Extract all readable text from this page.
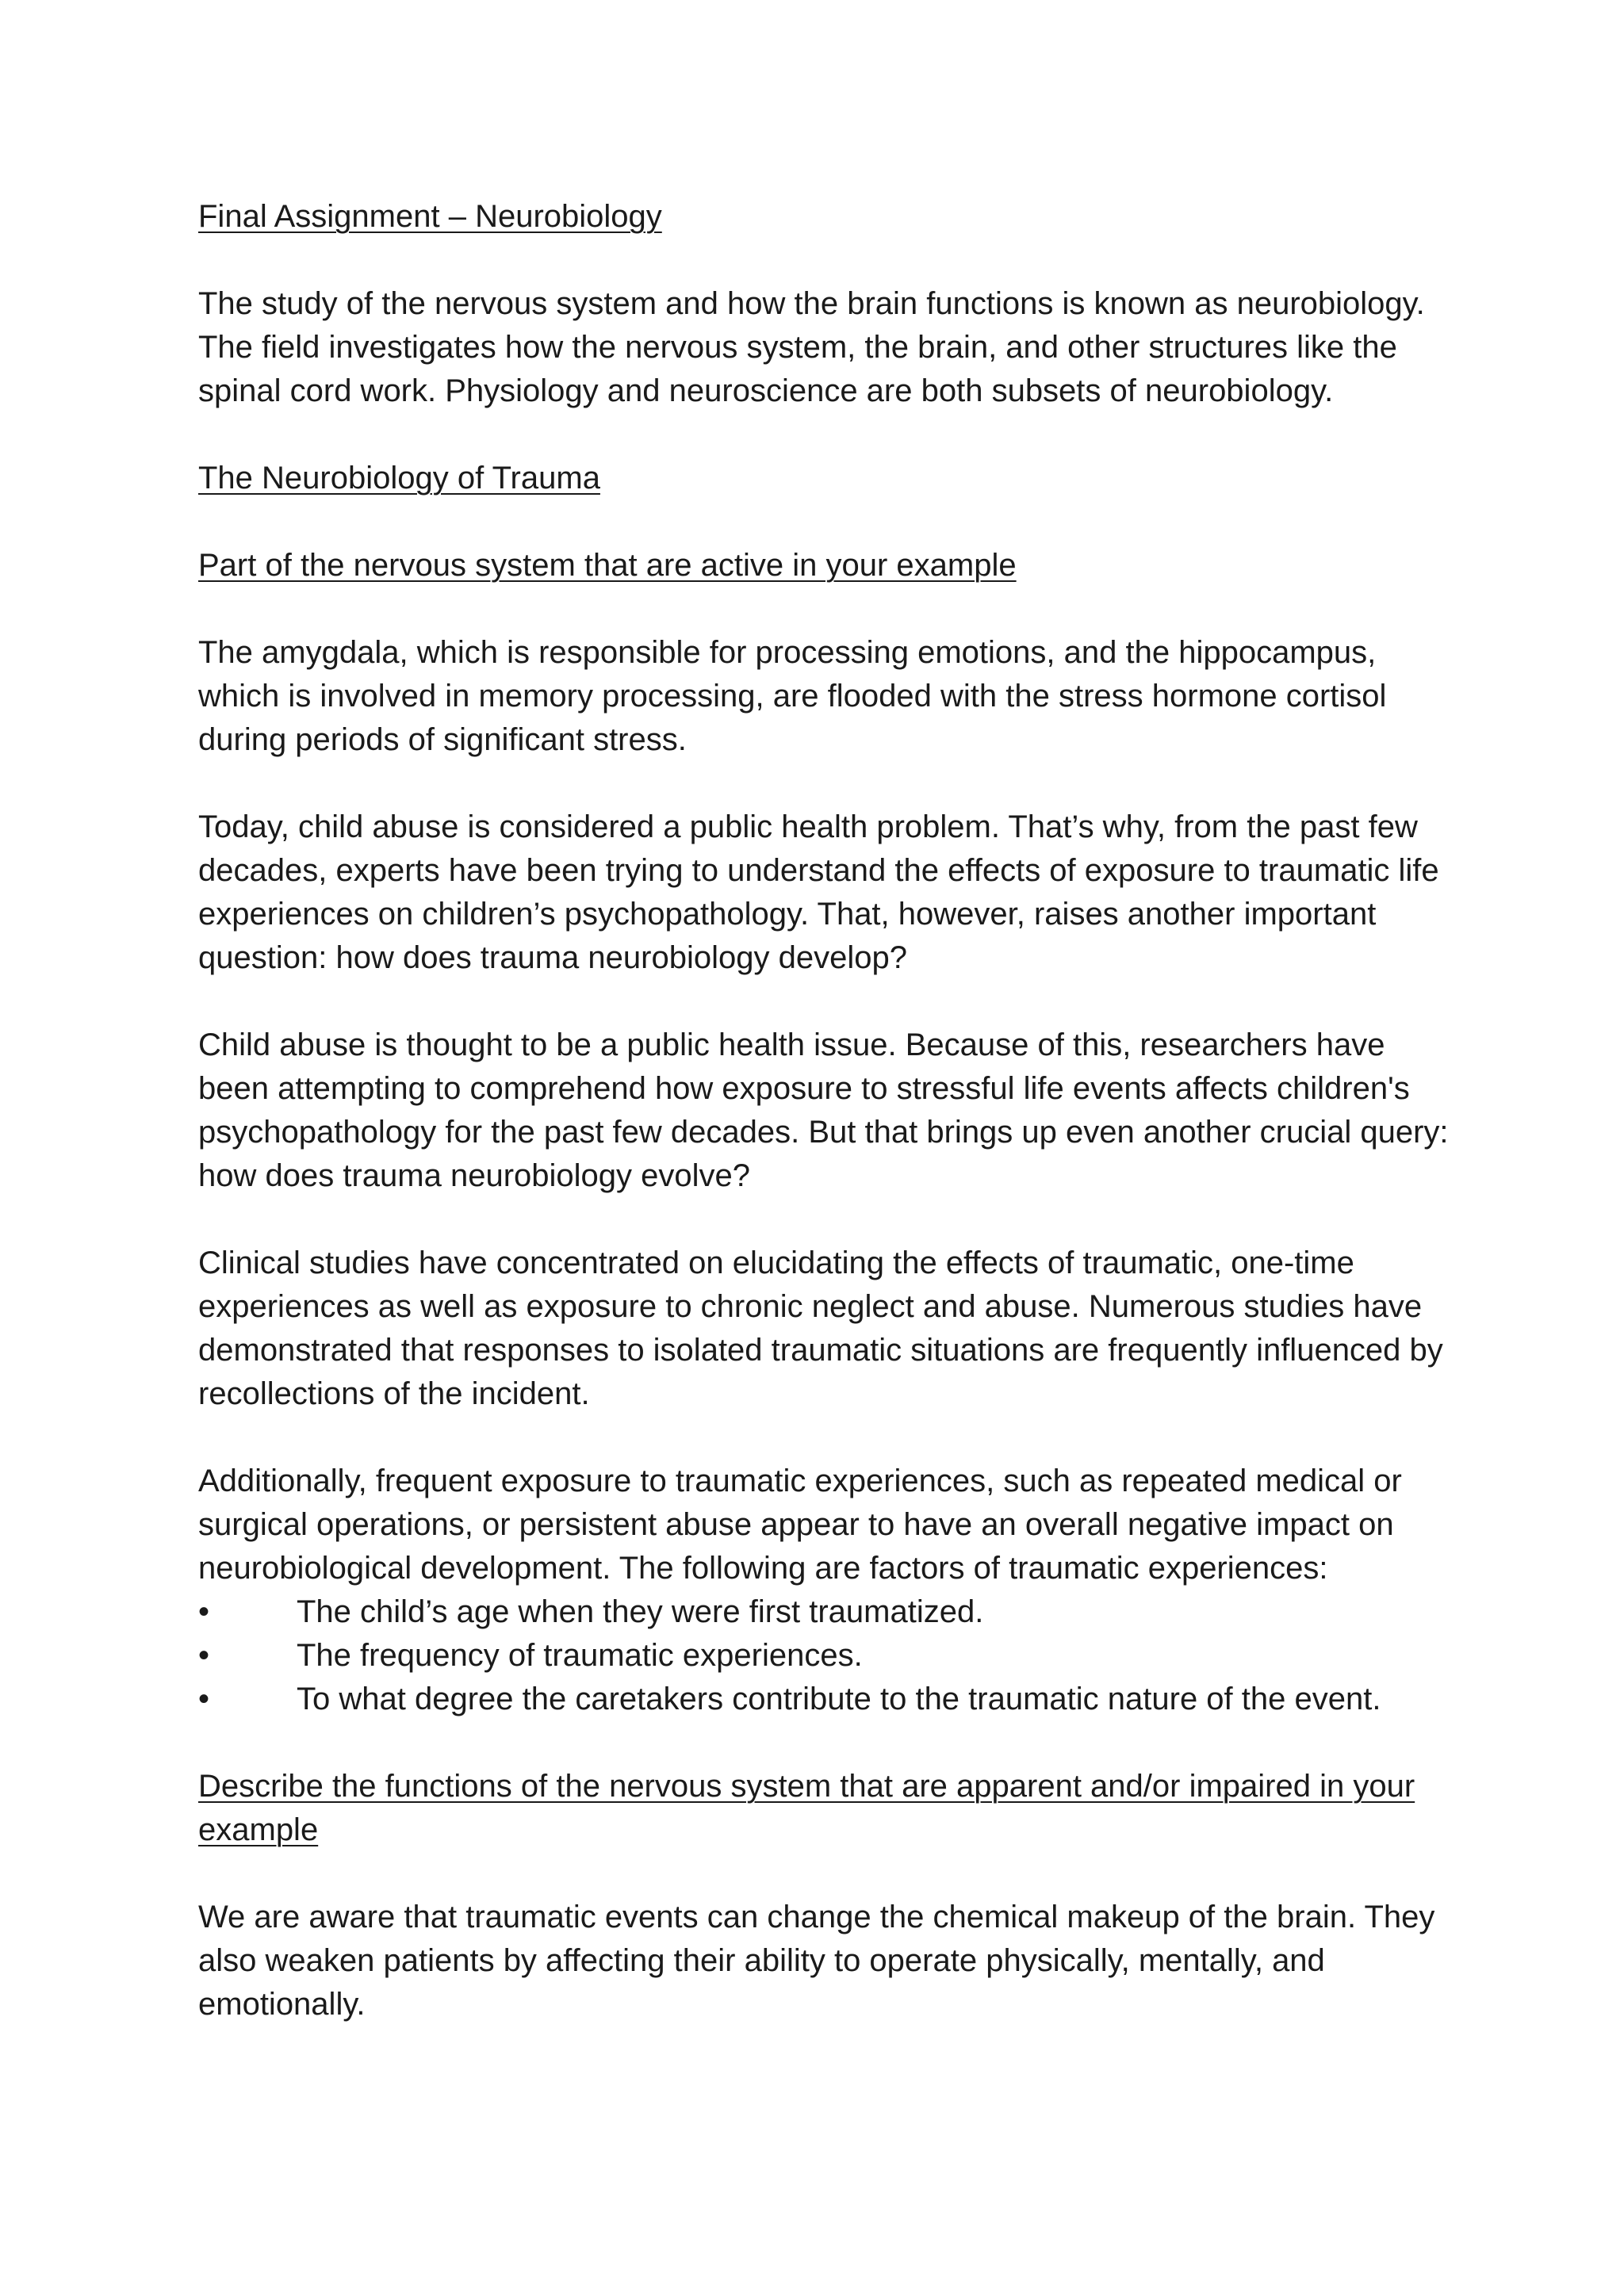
Final Assignment – Neurobiology

The study of the nervous system and how the brain functions is known as neurobiology. The field investigates how the nervous system, the brain, and other structures like the spinal cord work. Physiology and neuroscience are both subsets of neurobiology.

The Neurobiology of Trauma

Part of the nervous system that are active in your example

The amygdala, which is responsible for processing emotions, and the hippocampus, which is involved in memory processing, are flooded with the stress hormone cortisol during periods of significant stress.

Today, child abuse is considered a public health problem. That’s why, from the past few decades, experts have been trying to understand the effects of exposure to traumatic life experiences on children’s psychopathology. That, however, raises another important question: how does trauma neurobiology develop?

Child abuse is thought to be a public health issue. Because of this, researchers have been attempting to comprehend how exposure to stressful life events affects children's psychopathology for the past few decades. But that brings up even another crucial query: how does trauma neurobiology evolve?

Clinical studies have concentrated on elucidating the effects of traumatic, one-time experiences as well as exposure to chronic neglect and abuse. Numerous studies have demonstrated that responses to isolated traumatic situations are frequently influenced by recollections of the incident.

Additionally, frequent exposure to traumatic experiences, such as repeated medical or surgical operations, or persistent abuse appear to have an overall negative impact on neurobiological development. The following are factors of traumatic experiences:

•	The child’s age when they were first traumatized.
•	The frequency of traumatic experiences.
•	To what degree the caretakers contribute to the traumatic nature of the event.

Describe the functions of the nervous system that are apparent and/or impaired in your example

We are aware that traumatic events can change the chemical makeup of the brain. They also weaken patients by affecting their ability to operate physically, mentally, and emotionally.
